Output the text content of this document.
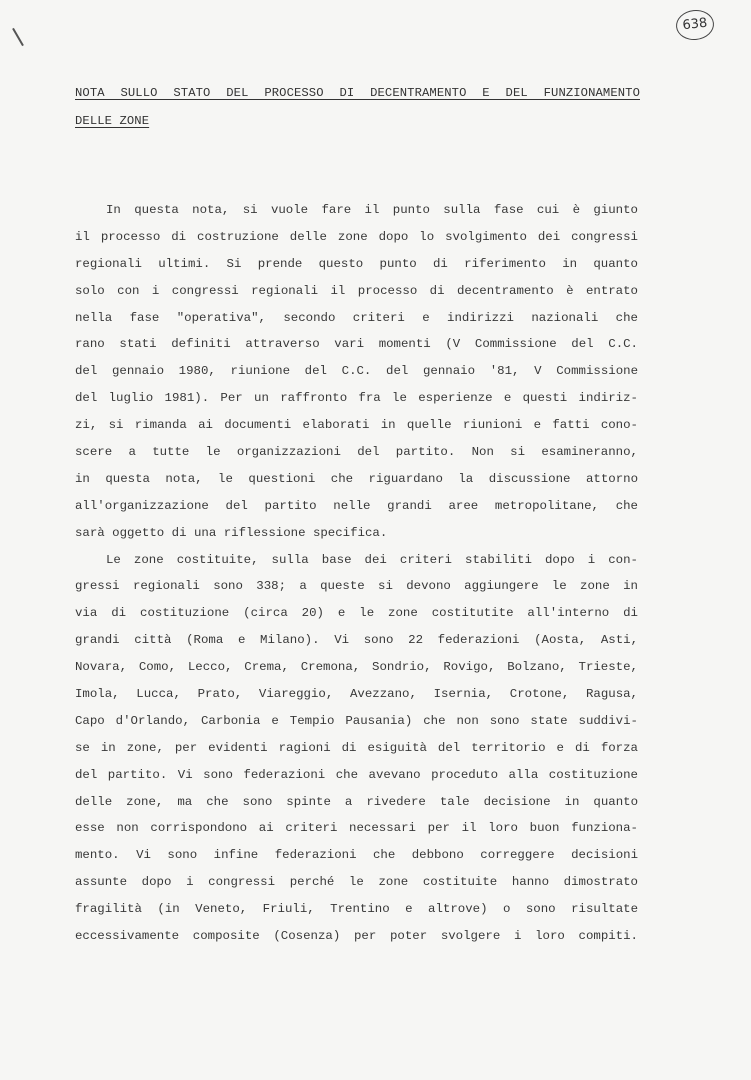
638
NOTA SULLO STATO DEL PROCESSO DI DECENTRAMENTO E DEL FUNZIONAMENTO
DELLE ZONE
In questa nota, si vuole fare il punto sulla fase cui è giunto
il processo di costruzione delle zone dopo lo svolgimento dei congressi
regionali ultimi. Si prende questo punto di riferimento in quanto
solo con i congressi regionali il processo di decentramento è entrato
nella fase "operativa", secondo criteri e indirizzi nazionali che
rano stati definiti attraverso vari momenti (V Commissione del C.C.
del gennaio 1980, riunione del C.C. del gennaio '81, V Commissione
del luglio 1981). Per un raffronto fra le esperienze e questi indiriz-
zi, si rimanda ai documenti elaborati in quelle riunioni e fatti cono-
scere a tutte le organizzazioni del partito. Non si esamineranno,
in questa nota, le questioni che riguardano la discussione attorno
all'organizzazione del partito nelle grandi aree metropolitane, che
sarà oggetto di una riflessione specifica.
Le zone costituite, sulla base dei criteri stabiliti dopo i con-
gressi regionali sono 338; a queste si devono aggiungere le zone in
via di costituzione (circa 20) e le zone costitutite all'interno di
grandi città (Roma e Milano). Vi sono 22 federazioni (Aosta, Asti,
Novara, Como, Lecco, Crema, Cremona, Sondrio, Rovigo, Bolzano, Trieste,
Imola, Lucca, Prato, Viareggio, Avezzano, Isernia, Crotone, Ragusa,
Capo d'Orlando, Carbonia e Tempio Pausania) che non sono state suddivi-
se in zone, per evidenti ragioni di esiguità del territorio e di forza
del partito. Vi sono federazioni che avevano proceduto alla costituzione
delle zone, ma che sono spinte a rivedere tale decisione in quanto
esse non corrispondono ai criteri necessari per il loro buon funziona-
mento. Vi sono infine federazioni che debbono correggere decisioni
assunte dopo i congressi perché le zone costituite hanno dimostrato
fragilità (in Veneto, Friuli, Trentino e altrove) o sono risultate
eccessivamente composite (Cosenza) per poter svolgere i loro compiti.
